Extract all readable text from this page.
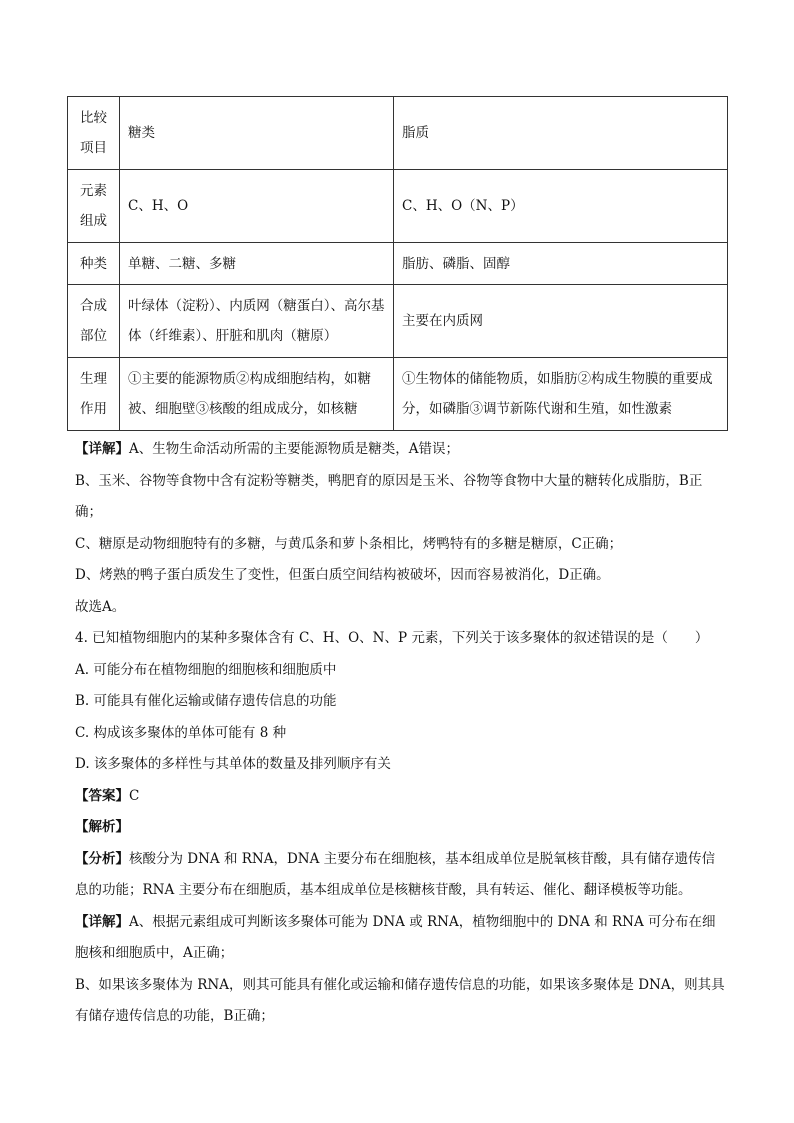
比较项目	糖类	脂质
元素组成	C、H、O	C、H、O（N、P）
种类	单糖、二糖、多糖	脂肪、磷脂、固醇
合成部位	叶绿体（淀粉）、内质网（糖蛋白）、高尔基体（纤维素）、肝脏和肌肉（糖原）	主要在内质网
生理作用	①主要的能源物质②构成细胞结构，如糖被、细胞壁③核酸的组成成分，如核糖	①生物体的储能物质，如脂肪②构成生物膜的重要成分，如磷脂③调节新陈代谢和生殖，如性激素

【详解】A、生物生命活动所需的主要能源物质是糖类，A错误；

B、玉米、谷物等食物中含有淀粉等糖类，鸭肥育的原因是玉米、谷物等食物中大量的糖转化成脂肪，B正确；

C、糖原是动物细胞特有的多糖，与黄瓜条和萝卜条相比，烤鸭特有的多糖是糖原，C正确；

D、烤熟的鸭子蛋白质发生了变性，但蛋白质空间结构被破坏，因而容易被消化，D正确。

故选A。

4. 已知植物细胞内的某种多聚体含有 C、H、O、N、P 元素，下列关于该多聚体的叙述错误的是（　　）

A. 可能分布在植物细胞的细胞核和细胞质中

B. 可能具有催化运输或储存遗传信息的功能

C. 构成该多聚体的单体可能有 8 种

D. 该多聚体的多样性与其单体的数量及排列顺序有关

【答案】C

【解析】

【分析】核酸分为 DNA 和 RNA，DNA 主要分布在细胞核，基本组成单位是脱氧核苷酸，具有储存遗传信息的功能；RNA 主要分布在细胞质，基本组成单位是核糖核苷酸，具有转运、催化、翻译模板等功能。

【详解】A、根据元素组成可判断该多聚体可能为 DNA 或 RNA，植物细胞中的 DNA 和 RNA 可分布在细胞核和细胞质中，A正确；

B、如果该多聚体为 RNA，则其可能具有催化或运输和储存遗传信息的功能，如果该多聚体是 DNA，则其具有储存遗传信息的功能，B正确；
